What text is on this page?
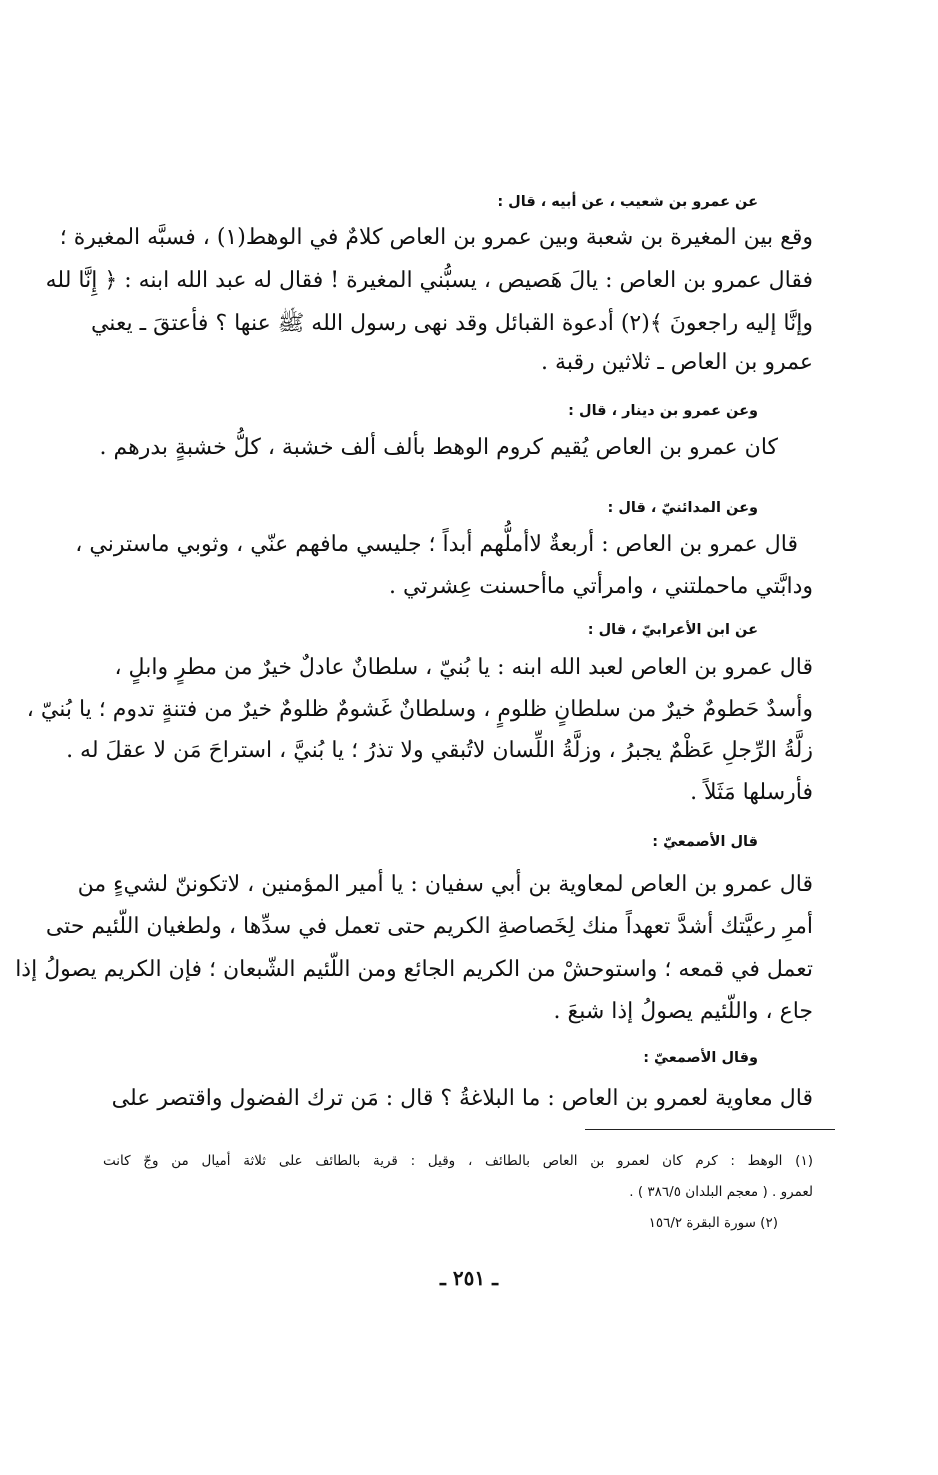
عن عمرو بن شعيب ، عن أبيه ، قال :
وقع بين المغيرة بن شعبة وبين عمرو بن العاص كلامٌ في الوهط(١) ، فسبَّه المغيرة ؛
فقال عمرو بن العاص : يالَ هَصيص ، يسبُّني المغيرة ! فقال له عبد الله ابنه : ﴿ إِنَّا لله
وإنَّا إليه راجعونَ ﴾(٢) أدعوة القبائل وقد نهى رسول الله ﷺ عنها ؟ فأعتقَ ـ يعني
عمرو بن العاص ـ ثلاثين رقبة .
وعن عمرو بن دينار ، قال :
كان عمرو بن العاص يُقيم كروم الوهط بألف ألف خشبة ، كلُّ خشبةٍ بدرهم .
وعن المدائنيّ ، قال :
قال عمرو بن العاص : أربعةٌ لاأملُّهم أبداً ؛ جليسي مافهم عنّي ، وثوبي ماسترني ،
ودابَّتي ماحملتني ، وامرأتي ماأحسنت عِشرتي .
عن ابن الأعرابيّ ، قال :
قال عمرو بن العاص لعبد الله ابنه : يا بُنيّ ، سلطانٌ عادلٌ خيرٌ من مطرٍ وابلٍ ،
وأسدٌ حَطومٌ خيرٌ من سلطانٍ ظلومٍ ، وسلطانٌ غَشومٌ ظلومٌ خيرٌ من فتنةٍ تدوم ؛ يا بُنيّ ،
زلَّةُ الرِّجلِ عَظْمٌ يجبرُ ، وزلَّةُ اللِّسان لاتُبقي ولا تذرُ ؛ يا بُنيَّ ، استراحَ مَن لا عقلَ له .
فأرسلها مَثَلاً .
قال الأصمعيّ :
قال عمرو بن العاص لمعاوية بن أبي سفيان : يا أمير المؤمنين ، لاتكوننّ لشيءٍ من
أمرِ رعيَّتك أشدَّ تعهداً منك لِخَصاصةِ الكريم حتى تعمل في سدِّها ، ولطغيان اللّئيم حتى
تعمل في قمعه ؛ واستوحشْ من الكريم الجائع ومن اللّئيم الشّبعان ؛ فإن الكريم يصولُ إذا
جاع ، واللّئيم يصولُ إذا شبعَ .
وقال الأصمعيّ :
قال معاوية لعمرو بن العاص : ما البلاغةُ ؟ قال : مَن ترك الفضول واقتصر على
(١) الوهط : كرم كان لعمرو بن العاص بالطائف ، وقيل : قرية بالطائف على ثلاثة أميال من وجّ كانت
لعمرو . ( معجم البلدان ٣٨٦/٥ ) .
(٢) سورة البقرة ١٥٦/٢
ـ ٢٥١ ـ
